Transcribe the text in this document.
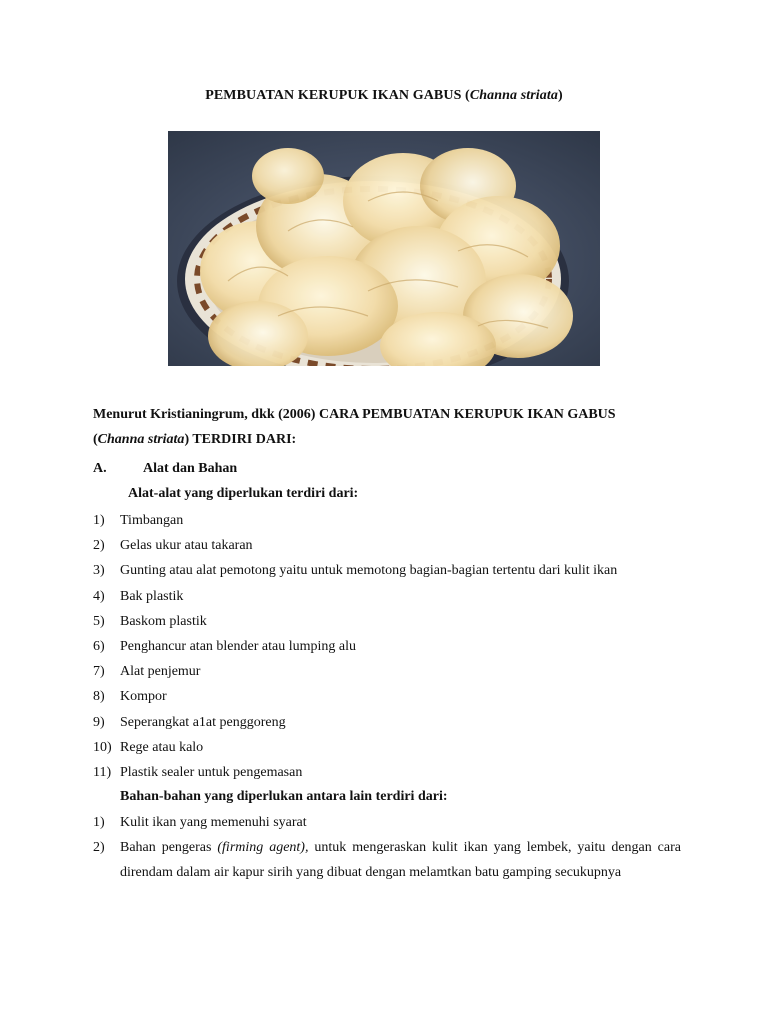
PEMBUATAN KERUPUK IKAN GABUS (Channa striata)
Menurut Kristianingrum, dkk (2006) CARA PEMBUATAN KERUPUK IKAN GABUS
(Channa striata) TERDIRI DARI:
A.	Alat dan Bahan
Alat-alat yang diperlukan terdiri dari:
1) Timbangan
2) Gelas ukur atau takaran
3) Gunting atau alat pemotong yaitu untuk memotong bagian-bagian tertentu dari kulit ikan
4) Bak plastik
5) Baskom plastik
6) Penghancur atan blender atau lumping alu
7) Alat penjemur
8) Kompor
9) Seperangkat a1at penggoreng
10) Rege atau kalo
11) Plastik sealer untuk pengemasan
Bahan-bahan yang diperlukan antara lain terdiri dari:
1) Kulit ikan yang memenuhi syarat
2) Bahan pengeras (firming agent), untuk mengeraskan kulit ikan yang lembek, yaitu dengan cara direndam dalam air kapur sirih yang dibuat dengan melamtkan batu gamping secukupnya
